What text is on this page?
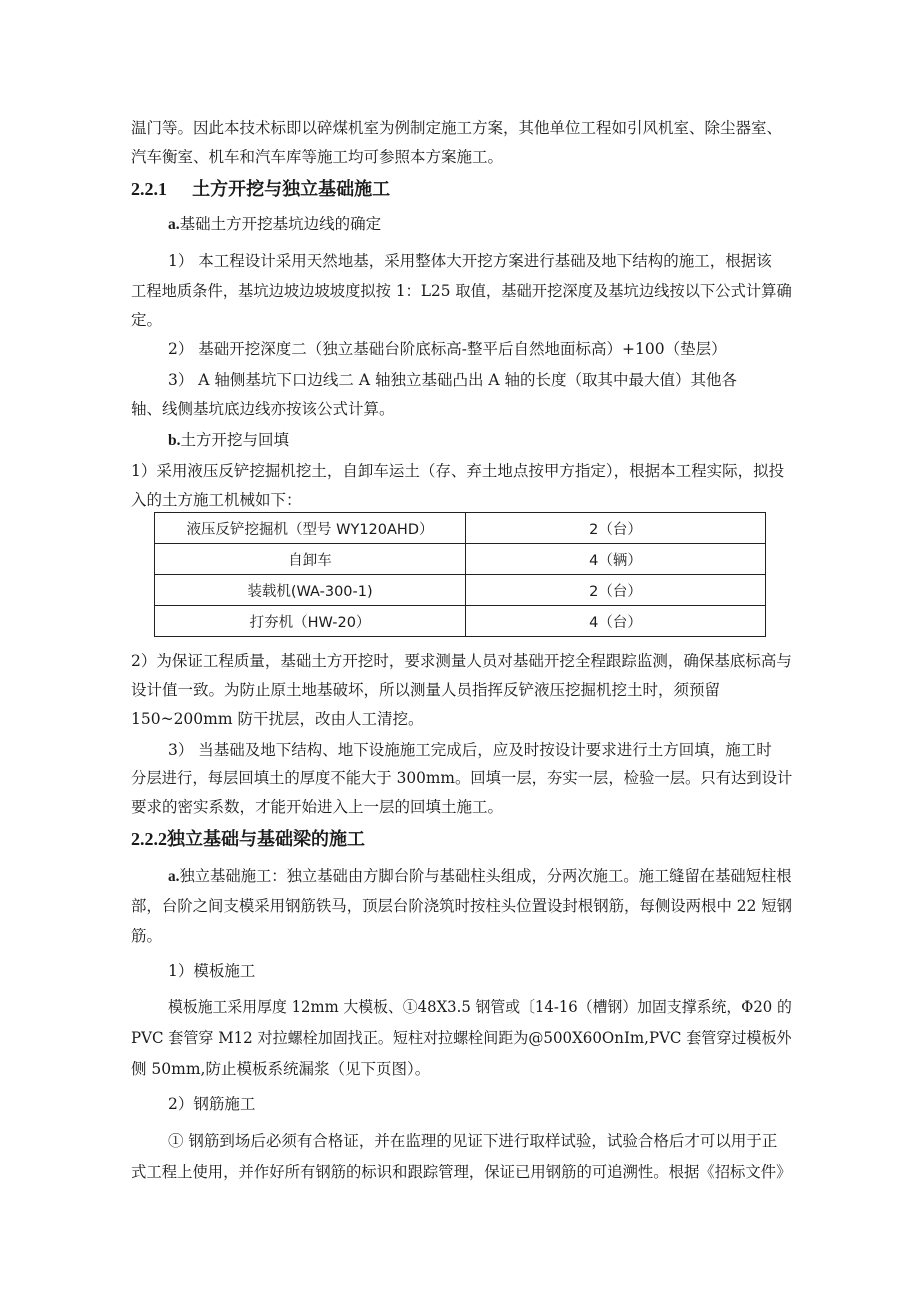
温门等。因此本技术标即以碎煤机室为例制定施工方案，其他单位工程如引风机室、除尘器室、
汽车衡室、机车和汽车库等施工均可参照本方案施工。
2.2.1 土方开挖与独立基础施工
a.基础土方开挖基坑边线的确定
1） 本工程设计采用天然地基，采用整体大开挖方案进行基础及地下结构的施工，根据该
工程地质条件，基坑边坡边坡坡度拟按 1：L25 取值，基础开挖深度及基坑边线按以下公式计算确
定。
2） 基础开挖深度二（独立基础台阶底标高-整平后自然地面标高）+100（垫层）
3） A 轴侧基坑下口边线二 A 轴独立基础凸出 A 轴的长度（取其中最大值）其他各
轴、线侧基坑底边线亦按该公式计算。
b.土方开挖与回填
1）采用液压反铲挖掘机挖土，自卸车运土（存、弃土地点按甲方指定），根据本工程实际，拟投
入的土方施工机械如下：
液压反铲挖掘机（型号 WY120AHD）	2（台）
自卸车	4（辆）
装载机(WA-300-1)	2（台）
打夯机（HW-20）	4（台）
2）为保证工程质量，基础土方开挖时，要求测量人员对基础开挖全程跟踪监测，确保基底标高与
设计值一致。为防止原土地基破坏，所以测量人员指挥反铲液压挖掘机挖土时，须预留
150~200mm 防干扰层，改由人工清挖。
3） 当基础及地下结构、地下设施施工完成后，应及时按设计要求进行土方回填，施工时
分层进行，每层回填土的厚度不能大于 300mm。回填一层，夯实一层，检验一层。只有达到设计
要求的密实系数，才能开始进入上一层的回填土施工。
2.2.2独立基础与基础梁的施工
a.独立基础施工：独立基础由方脚台阶与基础柱头组成，分两次施工。施工缝留在基础短柱根
部，台阶之间支模采用钢筋铁马，顶层台阶浇筑时按柱头位置设封根钢筋，每侧设两根中 22 短钢
筋。
1）模板施工
模板施工采用厚度 12mm 大模板、①48X3.5 钢管或〔14-16（槽钢）加固支撑系统，Φ20 的
PVC 套管穿 M12 对拉螺栓加固找正。短柱对拉螺栓间距为@500X60OnIm,PVC 套管穿过模板外
侧 50mm,防止模板系统漏浆（见下页图）。
2）钢筋施工
① 钢筋到场后必须有合格证，并在监理的见证下进行取样试验，试验合格后才可以用于正
式工程上使用，并作好所有钢筋的标识和跟踪管理，保证已用钢筋的可追溯性。根据《招标文件》
